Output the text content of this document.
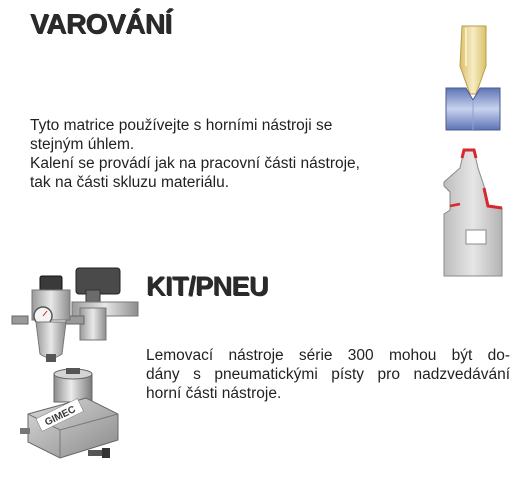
VAROVÁNÍ
Tyto matrice používejte s horními nástroji se
stejným úhlem.
Kalení se provádí jak na pracovní části nástroje,
tak na části skluzu materiálu.
KIT/PNEU
Lemovací nástroje série 300 mohou být do-
dány s pneumatickými písty pro nadzvedávání
horní části nástroje.
GIMEC
